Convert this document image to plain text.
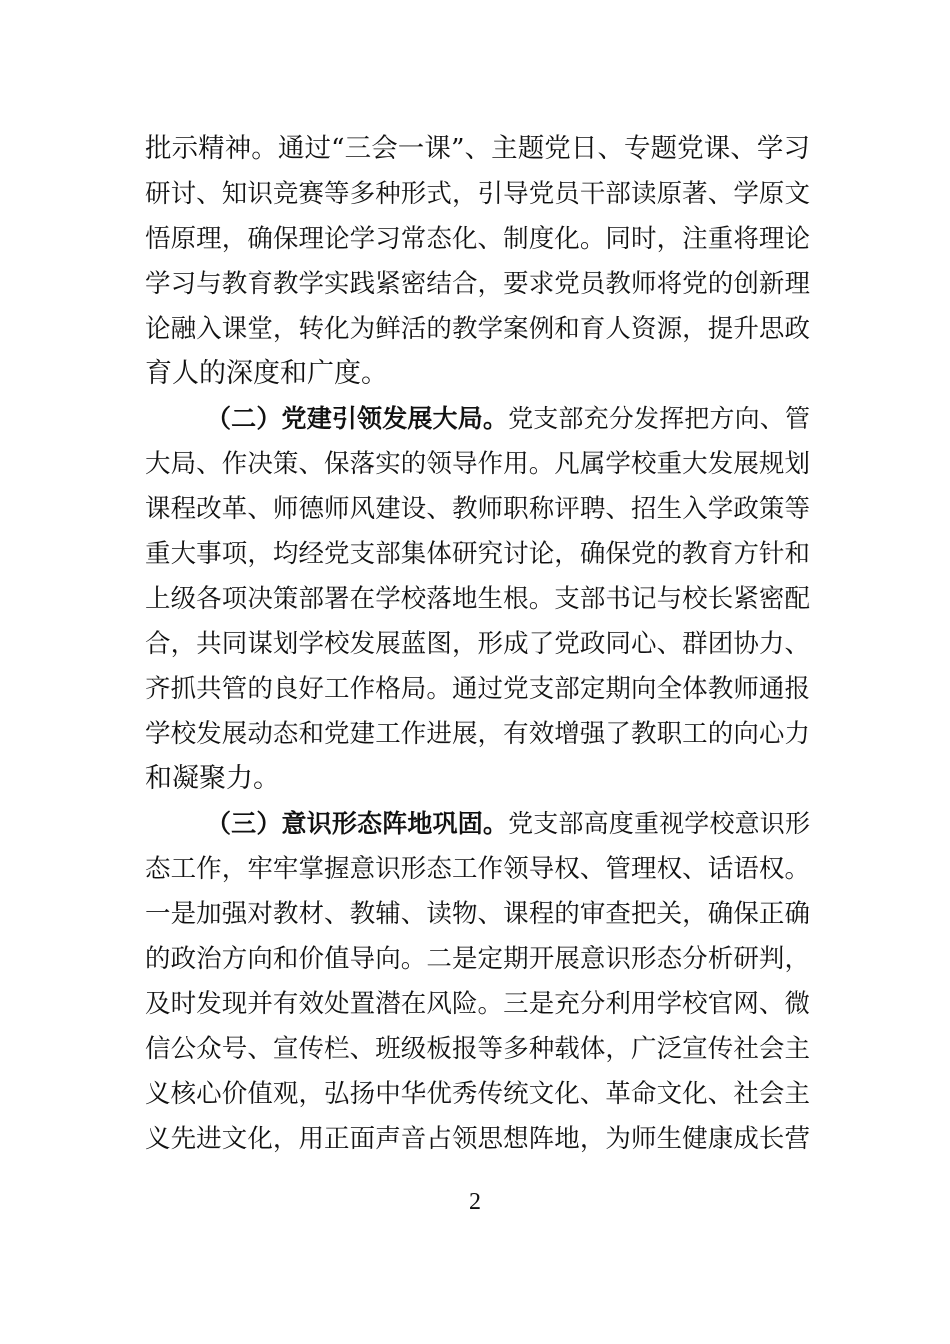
批示精神。通过“三会一课”、主题党日、专题党课、学习
研讨、知识竞赛等多种形式，引导党员干部读原著、学原文
悟原理，确保理论学习常态化、制度化。同时，注重将理论
学习与教育教学实践紧密结合，要求党员教师将党的创新理
论融入课堂，转化为鲜活的教学案例和育人资源，提升思政
育人的深度和广度。
（二）党建引领发展大局。党支部充分发挥把方向、管
大局、作决策、保落实的领导作用。凡属学校重大发展规划
课程改革、师德师风建设、教师职称评聘、招生入学政策等
重大事项，均经党支部集体研究讨论，确保党的教育方针和
上级各项决策部署在学校落地生根。支部书记与校长紧密配
合，共同谋划学校发展蓝图，形成了党政同心、群团协力、
齐抓共管的良好工作格局。通过党支部定期向全体教师通报
学校发展动态和党建工作进展，有效增强了教职工的向心力
和凝聚力。
（三）意识形态阵地巩固。党支部高度重视学校意识形
态工作，牢牢掌握意识形态工作领导权、管理权、话语权。
一是加强对教材、教辅、读物、课程的审查把关，确保正确
的政治方向和价值导向。二是定期开展意识形态分析研判，
及时发现并有效处置潜在风险。三是充分利用学校官网、微
信公众号、宣传栏、班级板报等多种载体，广泛宣传社会主
义核心价值观，弘扬中华优秀传统文化、革命文化、社会主
义先进文化，用正面声音占领思想阵地，为师生健康成长营
2
